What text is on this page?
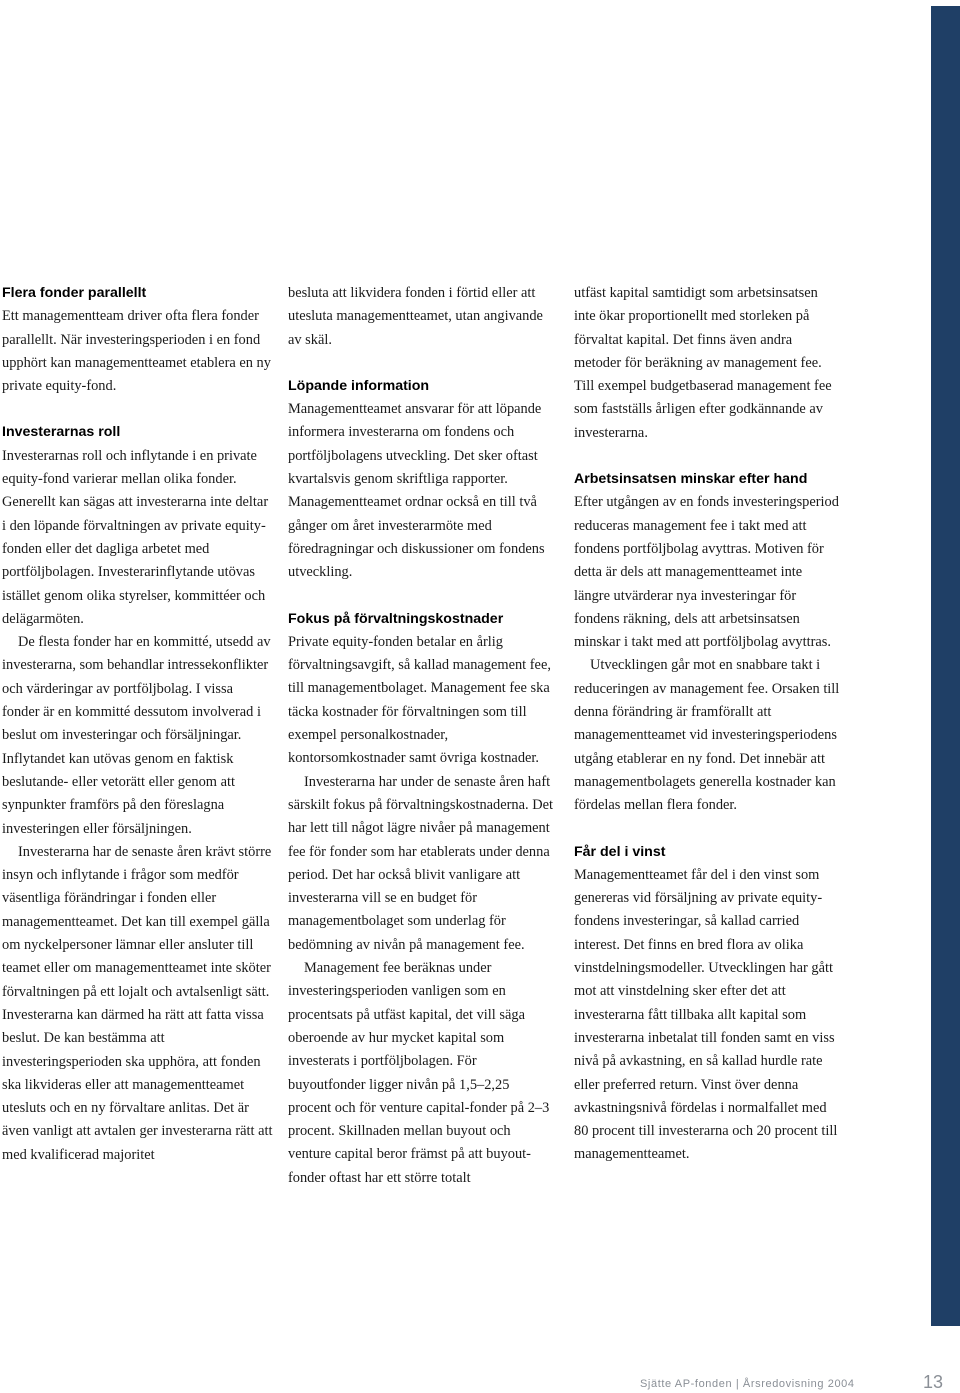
Flera fonder parallellt

Ett managementteam driver ofta flera fonder parallellt. När investeringsperioden i en fond upphört kan managementteamet etablera en ny private equity-fond.

Investerarnas roll

Investerarnas roll och inflytande i en private equity-fond varierar mellan olika fonder. Generellt kan sägas att investerarna inte deltar i den löpande förvaltningen av private equity-fonden eller det dagliga arbetet med portföljbolagen. Investerarinflytande utövas istället genom olika styrelser, kommittéer och delägarmöten.

De flesta fonder har en kommitté, utsedd av investerarna, som behandlar intressekonflikter och värderingar av portföljbolag. I vissa fonder är en kommitté dessutom involverad i beslut om investeringar och försäljningar. Inflytandet kan utövas genom en faktisk beslutande- eller vetorätt eller genom att synpunkter framförs på den föreslagna investeringen eller försäljningen.

Investerarna har de senaste åren krävt större insyn och inflytande i frågor som medför väsentliga förändringar i fonden eller managementteamet. Det kan till exempel gälla om nyckelpersoner lämnar eller ansluter till teamet eller om managementteamet inte sköter förvaltningen på ett lojalt och avtalsenligt sätt. Investerarna kan därmed ha rätt att fatta vissa beslut. De kan bestämma att investeringsperioden ska upphöra, att fonden ska likvideras eller att managementteamet utesluts och en ny förvaltare anlitas. Det är även vanligt att avtalen ger investerarna rätt att med kvalificerad majoritet

besluta att likvidera fonden i förtid eller att utesluta managementteamet, utan angivande av skäl.

Löpande information

Managementteamet ansvarar för att löpande informera investerarna om fondens och portföljbolagens utveckling. Det sker oftast kvartalsvis genom skriftliga rapporter. Managementteamet ordnar också en till två gånger om året investerarmöte med föredragningar och diskussioner om fondens utveckling.

Fokus på förvaltningskostnader

Private equity-fonden betalar en årlig förvaltningsavgift, så kallad management fee, till managementbolaget. Management fee ska täcka kostnader för förvaltningen som till exempel personalkostnader, kontorsomkostnader samt övriga kostnader.

Investerarna har under de senaste åren haft särskilt fokus på förvaltningskostnaderna. Det har lett till något lägre nivåer på management fee för fonder som har etablerats under denna period. Det har också blivit vanligare att investerarna vill se en budget för managementbolaget som underlag för bedömning av nivån på management fee.

Management fee beräknas under investeringsperioden vanligen som en procentsats på utfäst kapital, det vill säga oberoende av hur mycket kapital som investerats i portföljbolagen. För buyoutfonder ligger nivån på 1,5–2,25 procent och för venture capital-fonder på 2–3 procent. Skillnaden mellan buyout och venture capital beror främst på att buyout-fonder oftast har ett större totalt

utfäst kapital samtidigt som arbetsinsatsen inte ökar proportionellt med storleken på förvaltat kapital. Det finns även andra metoder för beräkning av management fee. Till exempel budgetbaserad management fee som fastställs årligen efter godkännande av investerarna.

Arbetsinsatsen minskar efter hand

Efter utgången av en fonds investeringsperiod reduceras management fee i takt med att fondens portföljbolag avyttras. Motiven för detta är dels att managementteamet inte längre utvärderar nya investeringar för fondens räkning, dels att arbetsinsatsen minskar i takt med att portföljbolag avyttras.

Utvecklingen går mot en snabbare takt i reduceringen av management fee. Orsaken till denna förändring är framförallt att managementteamet vid investeringsperiodens utgång etablerar en ny fond. Det innebär att managementbolagets generella kostnader kan fördelas mellan flera fonder.

Får del i vinst

Managementteamet får del i den vinst som genereras vid försäljning av private equity-fondens investeringar, så kallad carried interest. Det finns en bred flora av olika vinstdelningsmodeller. Utvecklingen har gått mot att vinstdelning sker efter det att investerarna fått tillbaka allt kapital som investerarna inbetalat till fonden samt en viss nivå på avkastning, en så kallad hurdle rate eller preferred return. Vinst över denna avkastningsnivå fördelas i normalfallet med 80 procent till investerarna och 20 procent till managementteamet.

Sjätte AP-fonden | Årsredovisning 2004	13
